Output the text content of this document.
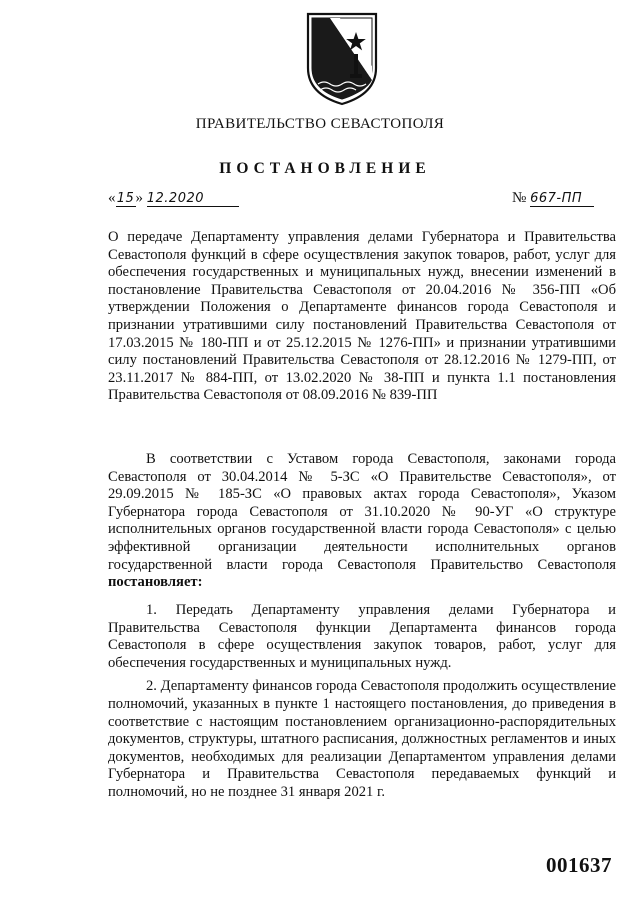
ПРАВИТЕЛЬСТВО СЕВАСТОПОЛЯ
ПОСТАНОВЛЕНИЕ
«15» 12.2020	№ 667-ПП

О передаче Департаменту управления делами Губернатора и Правительства Севастополя функций в сфере осуществления закупок товаров, работ, услуг для обеспечения государственных и муниципальных нужд, внесении изменений в постановление Правительства Севастополя от 20.04.2016 № 356-ПП «Об утверждении Положения о Департаменте финансов города Севастополя и признании утратившими силу постановлений Правительства Севастополя от 17.03.2015 № 180-ПП и от 25.12.2015 № 1276-ПП» и признании утратившими силу постановлений Правительства Севастополя от 28.12.2016 № 1279-ПП, от 23.11.2017 № 884-ПП, от 13.02.2020 № 38-ПП и пункта 1.1 постановления Правительства Севастополя от 08.09.2016 № 839-ПП

В соответствии с Уставом города Севастополя, законами города Севастополя от 30.04.2014 № 5-ЗС «О Правительстве Севастополя», от 29.09.2015 № 185-ЗС «О правовых актах города Севастополя», Указом Губернатора города Севастополя от 31.10.2020 № 90-УГ «О структуре исполнительных органов государственной власти города Севастополя» с целью эффективной организации деятельности исполнительных органов государственной власти города Севастополя Правительство Севастополя постановляет:

1. Передать Департаменту управления делами Губернатора и Правительства Севастополя функции Департамента финансов города Севастополя в сфере осуществления закупок товаров, работ, услуг для обеспечения государственных и муниципальных нужд.

2. Департаменту финансов города Севастополя продолжить осуществление полномочий, указанных в пункте 1 настоящего постановления, до приведения в соответствие с настоящим постановлением организационно-распорядительных документов, структуры, штатного расписания, должностных регламентов и иных документов, необходимых для реализации Департаментом управления делами Губернатора и Правительства Севастополя передаваемых функций и полномочий, но не позднее 31 января 2021 г.

001637
